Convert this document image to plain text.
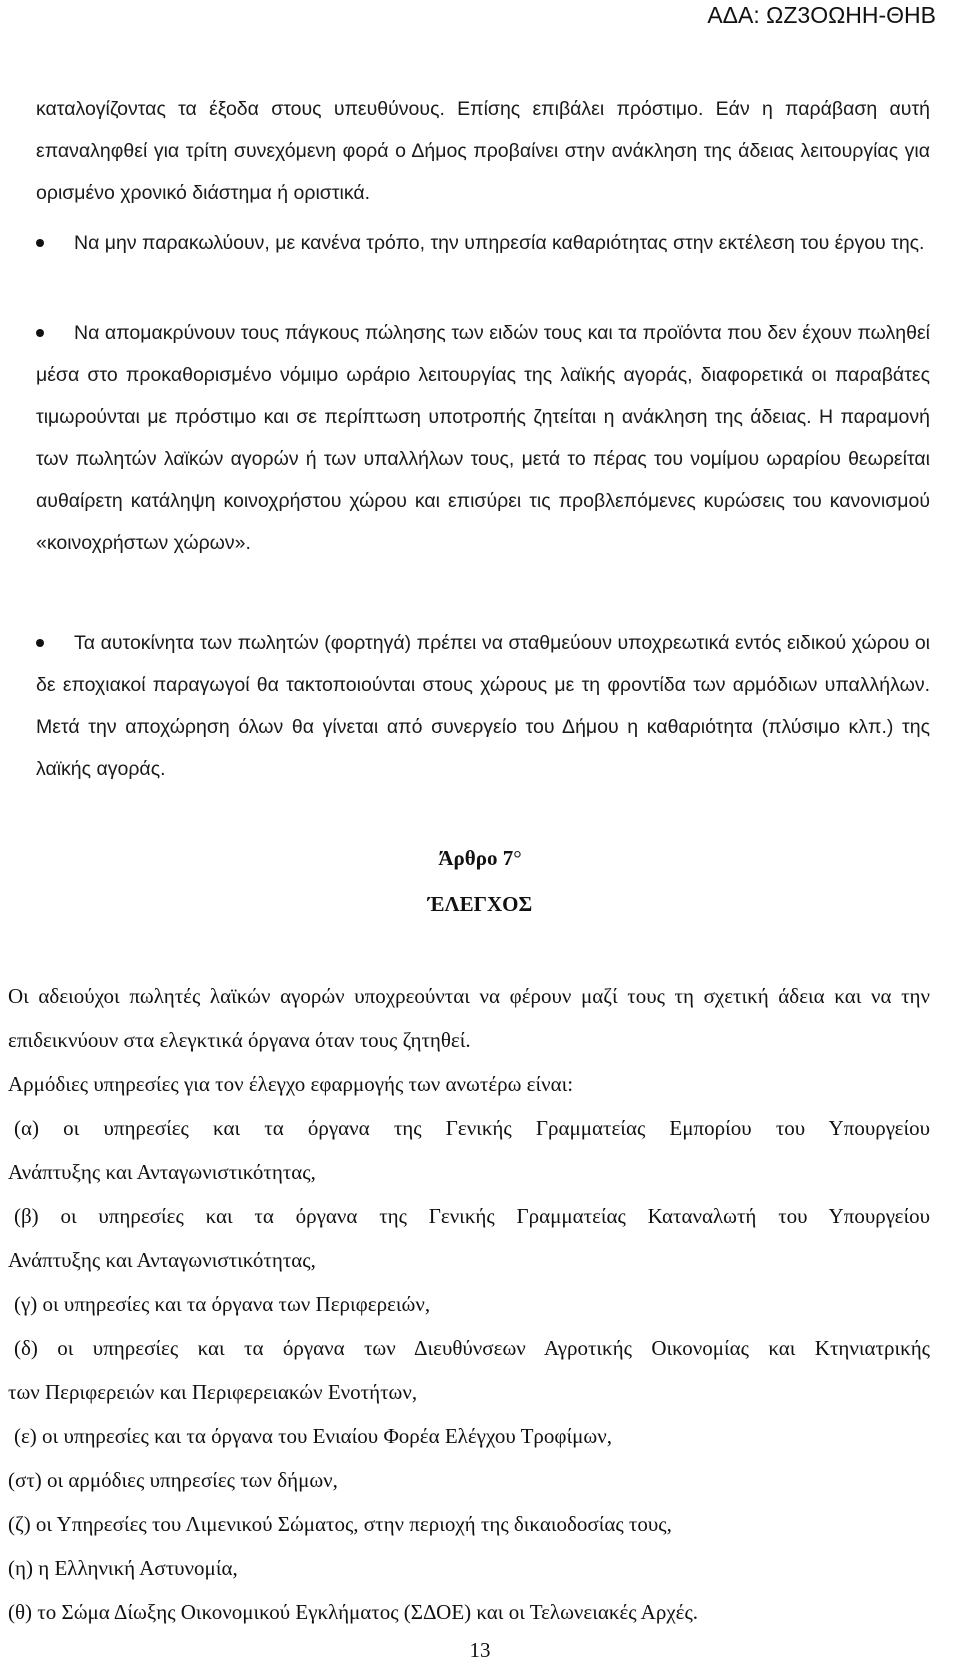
ΑΔΑ: ΩΖ3ΟΩΗΗ-ΘΗΒ
καταλογίζοντας τα έξοδα στους υπευθύνους. Επίσης επιβάλει πρόστιμο. Εάν η παράβαση αυτή επαναληφθεί για τρίτη συνεχόμενη φορά ο Δήμος προβαίνει στην ανάκληση της άδειας λειτουργίας για ορισμένο χρονικό διάστημα ή οριστικά.
Να μην παρακωλύουν, με κανένα τρόπο, την υπηρεσία καθαριότητας στην εκτέλεση του έργου της.
Να απομακρύνουν τους πάγκους πώλησης των ειδών τους και τα προϊόντα που δεν έχουν πωληθεί μέσα στο προκαθορισμένο νόμιμο ωράριο λειτουργίας της λαϊκής αγοράς, διαφορετικά οι παραβάτες τιμωρούνται με πρόστιμο και σε περίπτωση υποτροπής ζητείται η ανάκληση της άδειας. Η παραμονή των πωλητών λαϊκών αγορών ή των υπαλλήλων τους, μετά το πέρας του νομίμου ωραρίου θεωρείται αυθαίρετη κατάληψη κοινοχρήστου χώρου και επισύρει τις προβλεπόμενες κυρώσεις του κανονισμού «κοινοχρήστων χώρων».
Τα αυτοκίνητα των πωλητών (φορτηγά) πρέπει να σταθμεύουν υποχρεωτικά εντός ειδικού χώρου οι δε εποχιακοί παραγωγοί θα τακτοποιούνται στους χώρους με τη φροντίδα των αρμόδιων υπαλλήλων. Μετά την αποχώρηση όλων θα γίνεται από συνεργείο του Δήμου η καθαριότητα (πλύσιμο κλπ.) της λαϊκής αγοράς.
Άρθρο 7°
ΈΛΕΓΧΟΣ
Οι αδειούχοι πωλητές λαϊκών αγορών υποχρεούνται να φέρουν μαζί τους τη σχετική άδεια και να την επιδεικνύουν στα ελεγκτικά όργανα όταν τους ζητηθεί.
Αρμόδιες υπηρεσίες για τον έλεγχο εφαρμογής των ανωτέρω είναι:
(α) οι υπηρεσίες και τα όργανα της Γενικής Γραμματείας Εμπορίου του Υπουργείου
Ανάπτυξης και Ανταγωνιστικότητας,
(β) οι υπηρεσίες και τα όργανα της Γενικής Γραμματείας Καταναλωτή του Υπουργείου
Ανάπτυξης και Ανταγωνιστικότητας,
(γ) οι υπηρεσίες και τα όργανα των Περιφερειών,
(δ) οι υπηρεσίες και τα όργανα των Διευθύνσεων Αγροτικής Οικονομίας και Κτηνιατρικής
των Περιφερειών και Περιφερειακών Ενοτήτων,
(ε) οι υπηρεσίες και τα όργανα του Ενιαίου Φορέα Ελέγχου Τροφίμων,
(στ) οι αρμόδιες υπηρεσίες των δήμων,
(ζ) οι Υπηρεσίες του Λιμενικού Σώματος, στην περιοχή της δικαιοδοσίας τους,
(η) η Ελληνική Αστυνομία,
(θ) το Σώμα Δίωξης Οικονομικού Εγκλήματος (ΣΔΟΕ) και οι Τελωνειακές Αρχές.
13
